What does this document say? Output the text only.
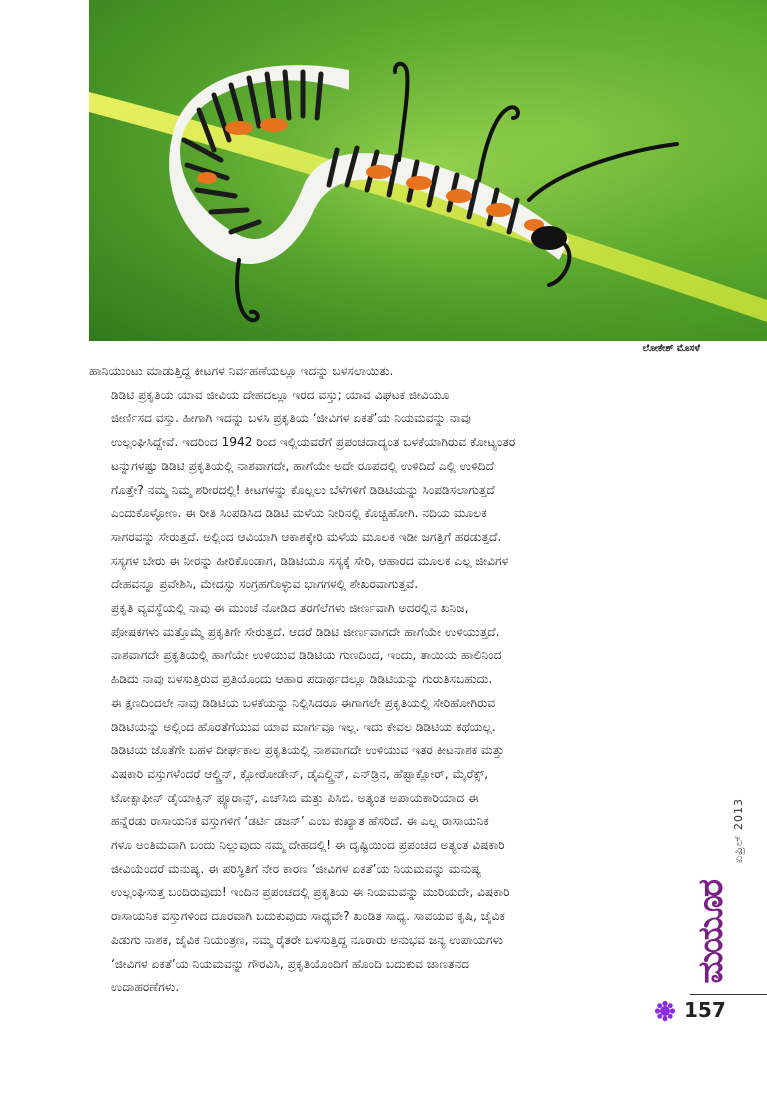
ಲೋಕೇಶ್ ಮೊಸಳೆ

ಹಾನಿಯುಂಟು ಮಾಡುತ್ತಿದ್ದ ಕೀಟಗಳ ನಿರ್ವಹಣೆಯಲ್ಲೂ ಇದನ್ನು ಬಳಸಲಾಯಿತು.

ಡಿಡಿಟಿ ಪ್ರಕೃತಿಯ ಯಾವ ಜೀವಿಯ ದೇಹದಲ್ಲೂ ಇರದ ವಸ್ತು; ಯಾವ ವಿಘಟಕ ಜೀವಿಯೂ
ಜೀರ್ಣಿಸದ ವಸ್ತು. ಹೀಗಾಗಿ ಇದನ್ನು ಬಳಸಿ ಪ್ರಕೃತಿಯ ‘ಜೀವಿಗಳ ಏಕತೆ’ಯ ನಿಯಮವನ್ನು ನಾವು
ಉಲ್ಲಂಘಿಸಿದ್ದೇವೆ. ಇದರಿಂದ 1942 ರಿಂದ ಇಲ್ಲಿಯವರೆಗೆ ಪ್ರಪಂಚದಾದ್ಯಂತ ಬಳಕೆಯಾಗಿರುವ ಕೋಟ್ಯಂತರ
ಟನ್ನುಗಳಷ್ಟು ಡಿಡಿಟಿ ಪ್ರಕೃತಿಯಲ್ಲಿ ನಾಶವಾಗದೇ, ಹಾಗೆಯೇ ಅದೇ ರೂಪದಲ್ಲಿ ಉಳಿದಿದೆ ಎಲ್ಲಿ ಉಳಿದಿದೆ
ಗೊತ್ತೇ? ನಮ್ಮ ನಿಮ್ಮ ಶರೀರದಲ್ಲಿ! ಕೀಟಗಳನ್ನು ಕೊಲ್ಲಲು ಬೆಳೆಗಳಿಗೆ ಡಿಡಿಟಿಯನ್ನು ಸಿಂಪಡಿಸಲಾಗುತ್ತದೆ
ಎಂದುಕೊಳ್ಳೋಣ. ಈ ರೀತಿ ಸಿಂಪಡಿಸಿದ ಡಿಡಿಟಿ ಮಳೆಯ ನೀರಿನಲ್ಲಿ ಕೊಚ್ಚಿಹೋಗಿ. ನದಿಯ ಮೂಲಕ
ಸಾಗರವನ್ನು ಸೇರುತ್ತದೆ. ಅಲ್ಲಿಂದ ಆವಿಯಾಗಿ ಆಕಾಶಕ್ಕೇರಿ ಮಳೆಯ ಮೂಲಕ ಇಡೀ ಜಗತ್ತಿಗೆ ಹರಡುತ್ತದೆ.
ಸಸ್ಯಗಳ ಬೇರು ಈ ನೀರನ್ನು ಹೀರಿಕೊಂಡಾಗ, ಡಿಡಿಟಿಯೂ ಸಸ್ಯಕ್ಕೆ ಸೇರಿ, ಆಹಾರದ ಮೂಲಕ ಎಲ್ಲ ಜೀವಿಗಳ
ದೇಹವನ್ನೂ ಪ್ರವೇಶಿಸಿ, ಮೇದಸ್ಸು ಸಂಗ್ರಹಗೊಳ್ಳುವ ಭಾಗಗಳಲ್ಲಿ ಶೇಖರವಾಗುತ್ತವೆ.

ಪ್ರಕೃತಿ ವ್ಯವಸ್ಥೆಯಲ್ಲಿ ನಾವು ಈ ಮುಂಚೆ ನೋಡಿದ ತರಗೆಲೆಗಳು ಜೀರ್ಣವಾಗಿ ಅದರಲ್ಲಿನ ಖನಿಜ,
ಪೋಷಕಗಳು ಮತ್ತೊಮ್ಮೆ ಪ್ರಕೃತಿಗೇ ಸೇರುತ್ತದೆ. ಆದರೆ ಡಿಡಿಟಿ ಜೀರ್ಣವಾಗದೇ ಹಾಗೆಯೇ ಉಳಿಯುತ್ತದೆ.
ನಾಶವಾಗದೇ ಪ್ರಕೃತಿಯಲ್ಲಿ ಹಾಗೆಯೇ ಉಳಿಯುವ ಡಿಡಿಟಿಯ ಗುಣದಿಂದ, ಇಂದು, ತಾಯಿಯ ಹಾಲಿನಿಂದ
ಹಿಡಿದು ನಾವು ಬಳಸುತ್ತಿರುವ ಪ್ರತಿಯೊಂದು ಆಹಾರ ಪದಾರ್ಥದಲ್ಲೂ ಡಿಡಿಟಿಯನ್ನು ಗುರುತಿಸಬಹುದು.

ಈ ಕ್ಷಣದಿಂದಲೇ ನಾವು ಡಿಡಿಟಿಯ ಬಳಕೆಯನ್ನು ನಿಲ್ಲಿಸಿದರೂ ಈಗಾಗಲೇ ಪ್ರಕೃತಿಯಲ್ಲಿ ಸೇರಿಹೋಗಿರುವ
ಡಿಡಿಟಿಯನ್ನು ಅಲ್ಲಿಂದ ಹೊರತೆಗೆಯುವ ಯಾವ ಮಾರ್ಗವೂ ಇಲ್ಲ. ಇದು ಕೇವಲ ಡಿಡಿಟಿಯ ಕಥೆಯಲ್ಲ.
ಡಿಡಿಟಿಯ ಜೊತೆಗೇ ಬಹಳ ದೀರ್ಘಕಾಲ ಪ್ರಕೃತಿಯಲ್ಲಿ ನಾಶವಾಗದೇ ಉಳಿಯುವ ಇತರ ಕೀಟನಾಶಕ ಮತ್ತು
ವಿಷಕಾರಿ ವಸ್ತುಗಳೆಂದರೆ ಆಲ್ಡ್ರಿನ್, ಕ್ಲೋರೋಡೇನ್, ಡೈಎಲ್ಡ್ರಿನ್, ಎನ್‌ಡ್ರಿನ, ಹೆಪ್ಟಾಕ್ಲೋರ್, ಮೈರೆಕ್ಸ್,
ಟೋಕ್ಸಾಫೀನ್ ಡೈಯಾಕ್ಸಿನ್ ಫ್ಯೂರಾನ್ಸ್, ಎಚ್‌ಸಿಬಿ ಮತ್ತು ಪಿಸಿಬಿ. ಅತ್ಯಂತ ಅಪಾಯಕಾರಿಯಾದ ಈ
ಹನ್ನೆರಡು ರಾಸಾಯನಿಕ ವಸ್ತುಗಳಿಗೆ ‘ಡರ್ಟಿ ಡಜನ್’ ಎಂಬ ಕುಖ್ಯಾತ ಹೆಸರಿದೆ. ಈ ಎಲ್ಲ ರಾಸಾಯನಿಕ
ಗಳೂ ಅಂತಿಮವಾಗಿ ಬಂದು ನಿಲ್ಲುವುದು ನಮ್ಮ ದೇಹದಲ್ಲಿ! ಈ ದೃಷ್ಟಿಯಿಂದ ಪ್ರಪಂಚದ ಅತ್ಯಂತ ವಿಷಕಾರಿ
ಜೀವಿಯೆಂದರೆ ಮನುಷ್ಯ. ಈ ಪರಿಸ್ಥಿತಿಗೆ ನೇರ ಕಾರಣ ‘ಜೀವಿಗಳ ಏಕತೆ’ಯ ನಿಯಮವನ್ನು ಮನುಷ್ಯ
ಉಲ್ಲಂಘಿಸುತ್ತ ಬಂದಿರುವುದು! ಇಂದಿನ ಪ್ರಪಂಚದಲ್ಲಿ ಪ್ರಕೃತಿಯ ಈ ನಿಯಮವನ್ನು ಮುರಿಯದೇ, ವಿಷಕಾರಿ
ರಾಸಾಯನಿಕ ವಸ್ತುಗಳಿಂದ ದೂರವಾಗಿ ಬದುಕುವುದು ಸಾಧ್ಯವೇ? ಖಂಡಿತ ಸಾಧ್ಯ. ಸಾವಯವ ಕೃಷಿ, ಜೈವಿಕ
ಪಿಡುಗು ನಾಶಕ, ಜೈವಿಕ ನಿಯಂತ್ರಣ, ನಮ್ಮ ರೈತರೇ ಬಳಸುತ್ತಿದ್ದ ನೂರಾರು ಅನುಭವ ಜನ್ಯ ಉಪಾಯಗಳು
‘ಜೀವಿಗಳ ಏಕತೆ’ಯ ನಿಯಮವನ್ನು ಗೌರವಿಸಿ, ಪ್ರಕೃತಿಯೊಂದಿಗೆ ಹೊಂದಿ ಬದುಕುವ ಜಾಣತನದ
ಉದಾಹರಣೆಗಳು.

ಏಪ್ರಿಲ್ 2013
ಮಯೂರ
157
